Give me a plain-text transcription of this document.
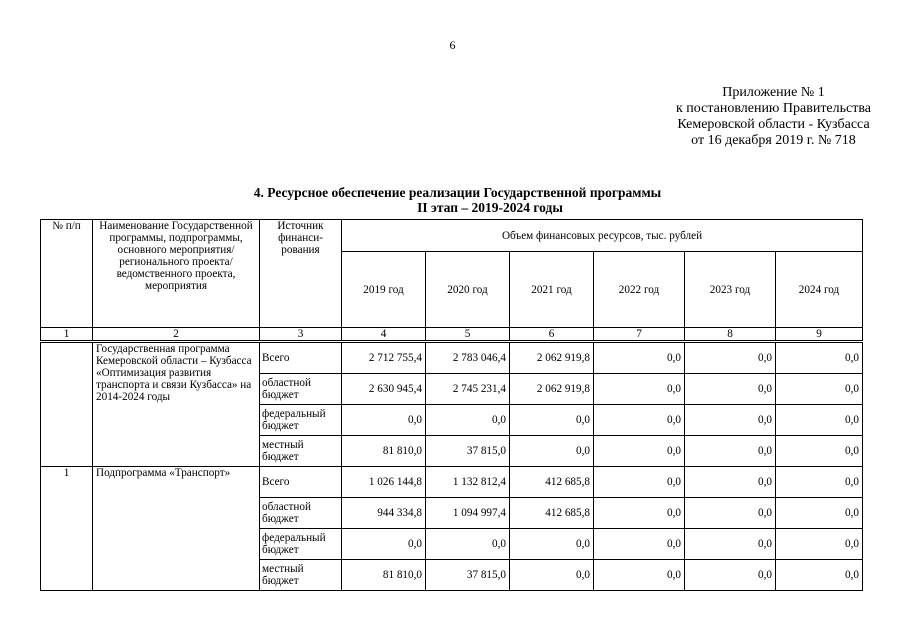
6
Приложение № 1
к постановлению Правительства
Кемеровской области - Кузбасса
от 16 декабря 2019 г. № 718
4. Ресурсное обеспечение реализации Государственной программы
II этап – 2019-2024 годы
№ п/п	Наименование Государственной программы, подпрограммы, основного мероприятия/регионального проекта/ведомственного проекта, мероприятия	Источник финанси-рования	Объем финансовых ресурсов, тыс. рублей					
			2019 год	2020 год	2021 год	2022 год	2023 год	2024 год
1	2	3	4	5	6	7	8	9
	Государственная программа Кемеровской области – Кузбасса «Оптимизация развития транспорта и связи Кузбасса» на 2014-2024 годы	Всего	2 712 755,4	2 783 046,4	2 062 919,8	0,0	0,0	0,0
		областной бюджет	2 630 945,4	2 745 231,4	2 062 919,8	0,0	0,0	0,0
		федеральный бюджет	0,0	0,0	0,0	0,0	0,0	0,0
		местный бюджет	81 810,0	37 815,0	0,0	0,0	0,0	0,0
1	Подпрограмма «Транспорт»	Всего	1 026 144,8	1 132 812,4	412 685,8	0,0	0,0	0,0
		областной бюджет	944 334,8	1 094 997,4	412 685,8	0,0	0,0	0,0
		федеральный бюджет	0,0	0,0	0,0	0,0	0,0	0,0
		местный бюджет	81 810,0	37 815,0	0,0	0,0	0,0	0,0
